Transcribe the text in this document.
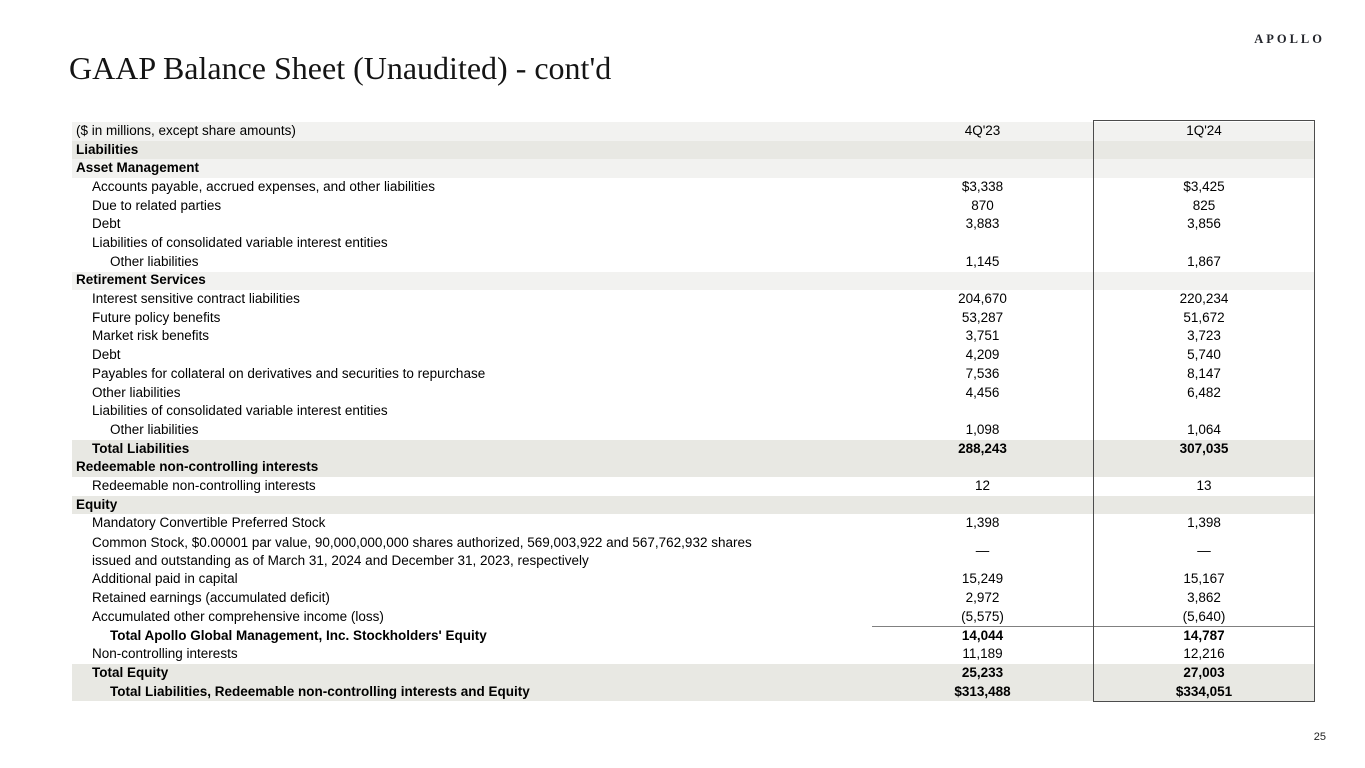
APOLLO
GAAP Balance Sheet (Unaudited) - cont'd
($ in millions, except share amounts)	4Q'23	1Q'24
Liabilities
Asset Management
Accounts payable, accrued expenses, and other liabilities	$3,338	$3,425
Due to related parties	870	825
Debt	3,883	3,856
Liabilities of consolidated variable interest entities
Other liabilities	1,145	1,867
Retirement Services
Interest sensitive contract liabilities	204,670	220,234
Future policy benefits	53,287	51,672
Market risk benefits	3,751	3,723
Debt	4,209	5,740
Payables for collateral on derivatives and securities to repurchase	7,536	8,147
Other liabilities	4,456	6,482
Liabilities of consolidated variable interest entities
Other liabilities	1,098	1,064
Total Liabilities	288,243	307,035
Redeemable non-controlling interests
Redeemable non-controlling interests	12	13
Equity
Mandatory Convertible Preferred Stock	1,398	1,398
Common Stock, $0.00001 par value, 90,000,000,000 shares authorized, 569,003,922 and 567,762,932 shares
issued and outstanding as of March 31, 2024 and December 31, 2023, respectively
—	—
Additional paid in capital	15,249	15,167
Retained earnings (accumulated deficit)	2,972	3,862
Accumulated other comprehensive income (loss)	(5,575)	(5,640)
Total Apollo Global Management, Inc. Stockholders' Equity	14,044	14,787
Non-controlling interests	11,189	12,216
Total Equity	25,233	27,003
Total Liabilities, Redeemable non-controlling interests and Equity	$313,488	$334,051
25
